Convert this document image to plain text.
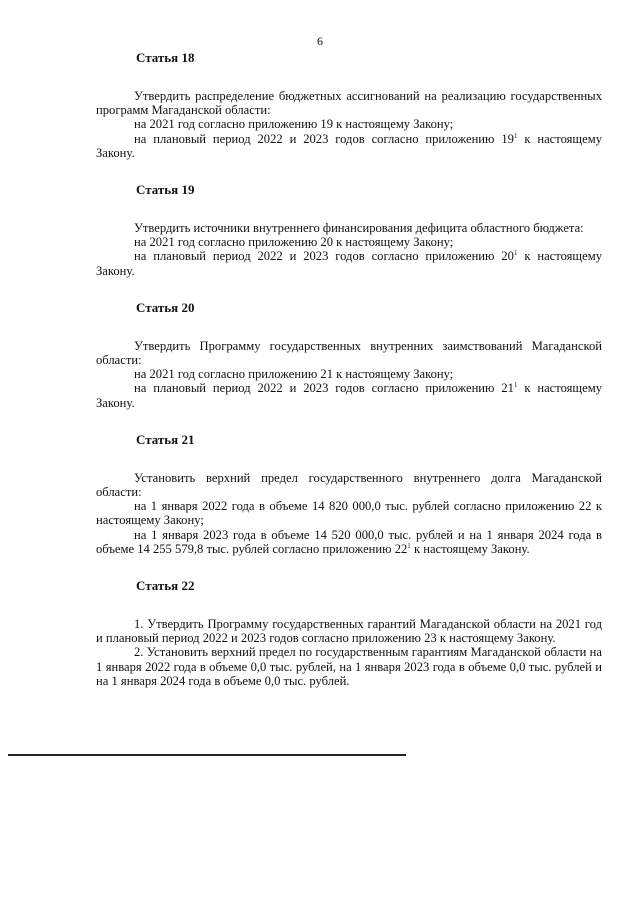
6
Статья 18

Утвердить распределение бюджетных ассигнований на реализацию государственных программ Магаданской области:

на 2021 год согласно приложению 19 к настоящему Закону;

на плановый период 2022 и 2023 годов согласно приложению $19^1$ к настоящему Закону.

Статья 19

Утвердить источники внутреннего финансирования дефицита областного бюджета:

на 2021 год согласно приложению 20 к настоящему Закону;

на плановый период 2022 и 2023 годов согласно приложению $20^1$ к настоящему Закону.

Статья 20

Утвердить Программу государственных внутренних заимствований Магаданской области:

на 2021 год согласно приложению 21 к настоящему Закону;

на плановый период 2022 и 2023 годов согласно приложению $21^1$ к настоящему Закону.

Статья 21

Установить верхний предел государственного внутреннего долга Магаданской области:

на 1 января 2022 года в объеме 14 820 000,0 тыс. рублей согласно приложению 22 к настоящему Закону;

на 1 января 2023 года в объеме 14 520 000,0 тыс. рублей и на 1 января 2024 года в объеме 14 255 579,8 тыс. рублей согласно приложению $22^1$ к настоящему Закону.

Статья 22

1. Утвердить Программу государственных гарантий Магаданской области на 2021 год и плановый период 2022 и 2023 годов согласно приложению 23 к настоящему Закону.

2. Установить верхний предел по государственным гарантиям Магаданской области на 1 января 2022 года в объеме 0,0 тыс. рублей, на 1 января 2023 года в объеме 0,0 тыс. рублей и на 1 января 2024 года в объеме 0,0 тыс. рублей.
